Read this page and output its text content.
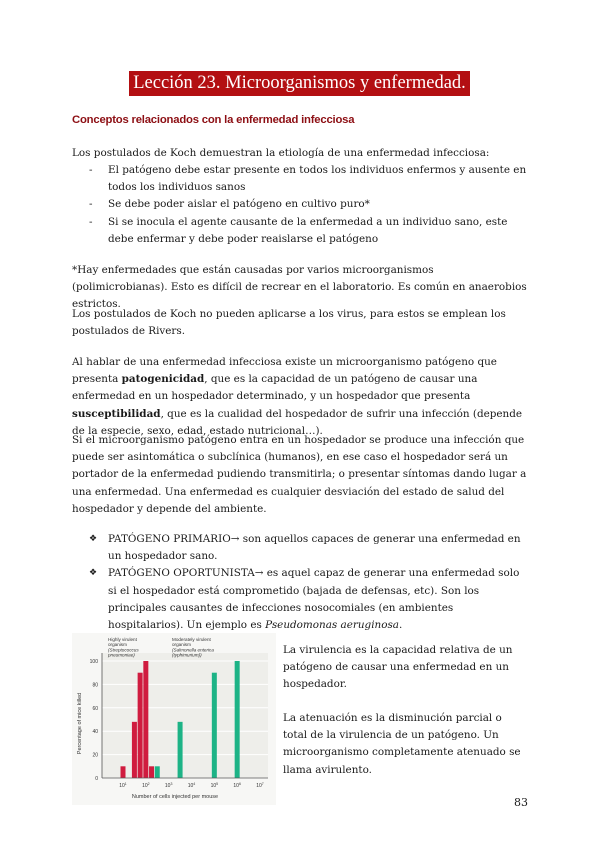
Lección 23. Microorganismos y enfermedad.
Conceptos relacionados con la enfermedad infecciosa

Los postulados de Koch demuestran la etiología de una enfermedad infecciosa:

- El patógeno debe estar presente en todos los individuos enfermos y ausente en todos los individuos sanos
- Se debe poder aislar el patógeno en cultivo puro*
- Si se inocula el agente causante de la enfermedad a un individuo sano, este debe enfermar y debe poder reaislarse el patógeno

*Hay enfermedades que están causadas por varios microorganismos (polimicrobianas). Esto es difícil de recrear en el laboratorio. Es común en anaerobios estrictos.

Los postulados de Koch no pueden aplicarse a los virus, para estos se emplean los postulados de Rivers.

Al hablar de una enfermedad infecciosa existe un microorganismo patógeno que presenta patogenicidad, que es la capacidad de un patógeno de causar una enfermedad en un hospedador determinado, y un hospedador que presenta susceptibilidad, que es la cualidad del hospedador de sufrir una infección (depende de la especie, sexo, edad, estado nutricional…).

Si el microorganismo patógeno entra en un hospedador se produce una infección que puede ser asintomática o subclínica (humanos), en ese caso el hospedador será un portador de la enfermedad pudiendo transmitirla; o presentar síntomas dando lugar a una enfermedad. Una enfermedad es cualquier desviación del estado de salud del hospedador y depende del ambiente.

❖ PATÓGENO PRIMARIO→ son aquellos capaces de generar una enfermedad en un hospedador sano.
❖ PATÓGENO OPORTUNISTA→ es aquel capaz de generar una enfermedad solo si el hospedador está comprometido (bajada de defensas, etc). Son los principales causantes de infecciones nosocomiales (en ambientes hospitalarios). Un ejemplo es Pseudomonas aeruginosa.
0
20
40
60
80
100
$10^1$	$10^2$	$10^3$	$10^4$	$10^5$	$10^6$	$10^7$
Number of cells injected per mouse
Percentage of mice killed
Highly virulent
organism
(Streptococcus
pneumoniae)
Moderately virulent
organism
(Salmonella enterica
(typhimurium))	La virulencia es la capacidad relativa de un patógeno de causar una enfermedad en un hospedador.

La atenuación es la disminución parcial o total de la virulencia de un patógeno. Un microorganismo completamente atenuado se llama avirulento.

83
